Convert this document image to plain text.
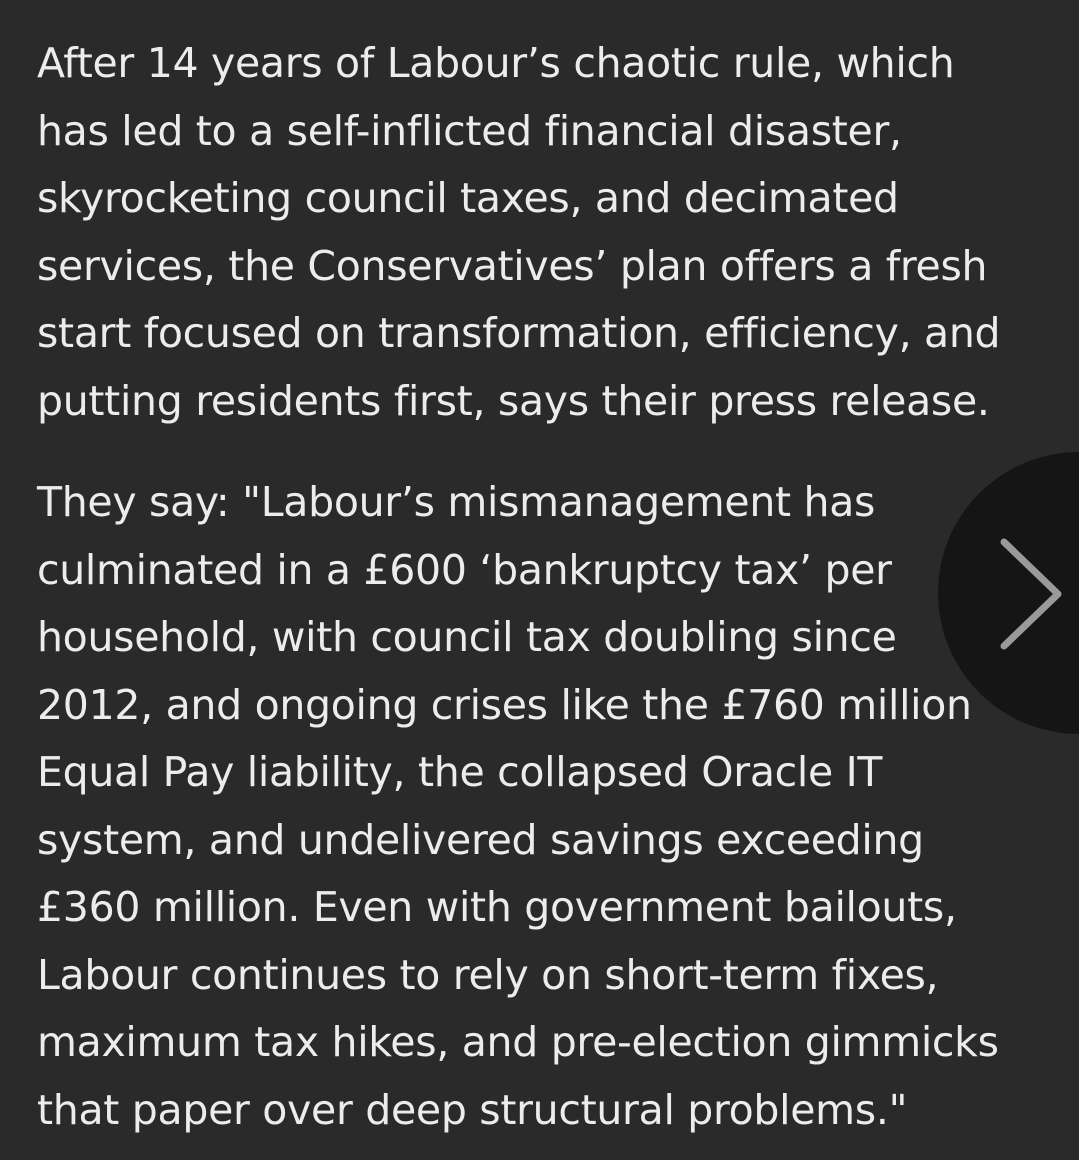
After 14 years of Labour’s chaotic rule, which
has led to a self-inflicted financial disaster,
skyrocketing council taxes, and decimated
services, the Conservatives’ plan offers a fresh
start focused on transformation, efficiency, and
putting residents first, says their press release.

They say: "Labour’s mismanagement has
culminated in a £600 ‘bankruptcy tax’ per
household, with council tax doubling since
2012, and ongoing crises like the £760 million
Equal Pay liability, the collapsed Oracle IT
system, and undelivered savings exceeding
£360 million. Even with government bailouts,
Labour continues to rely on short-term fixes,
maximum tax hikes, and pre-election gimmicks
that paper over deep structural problems."
